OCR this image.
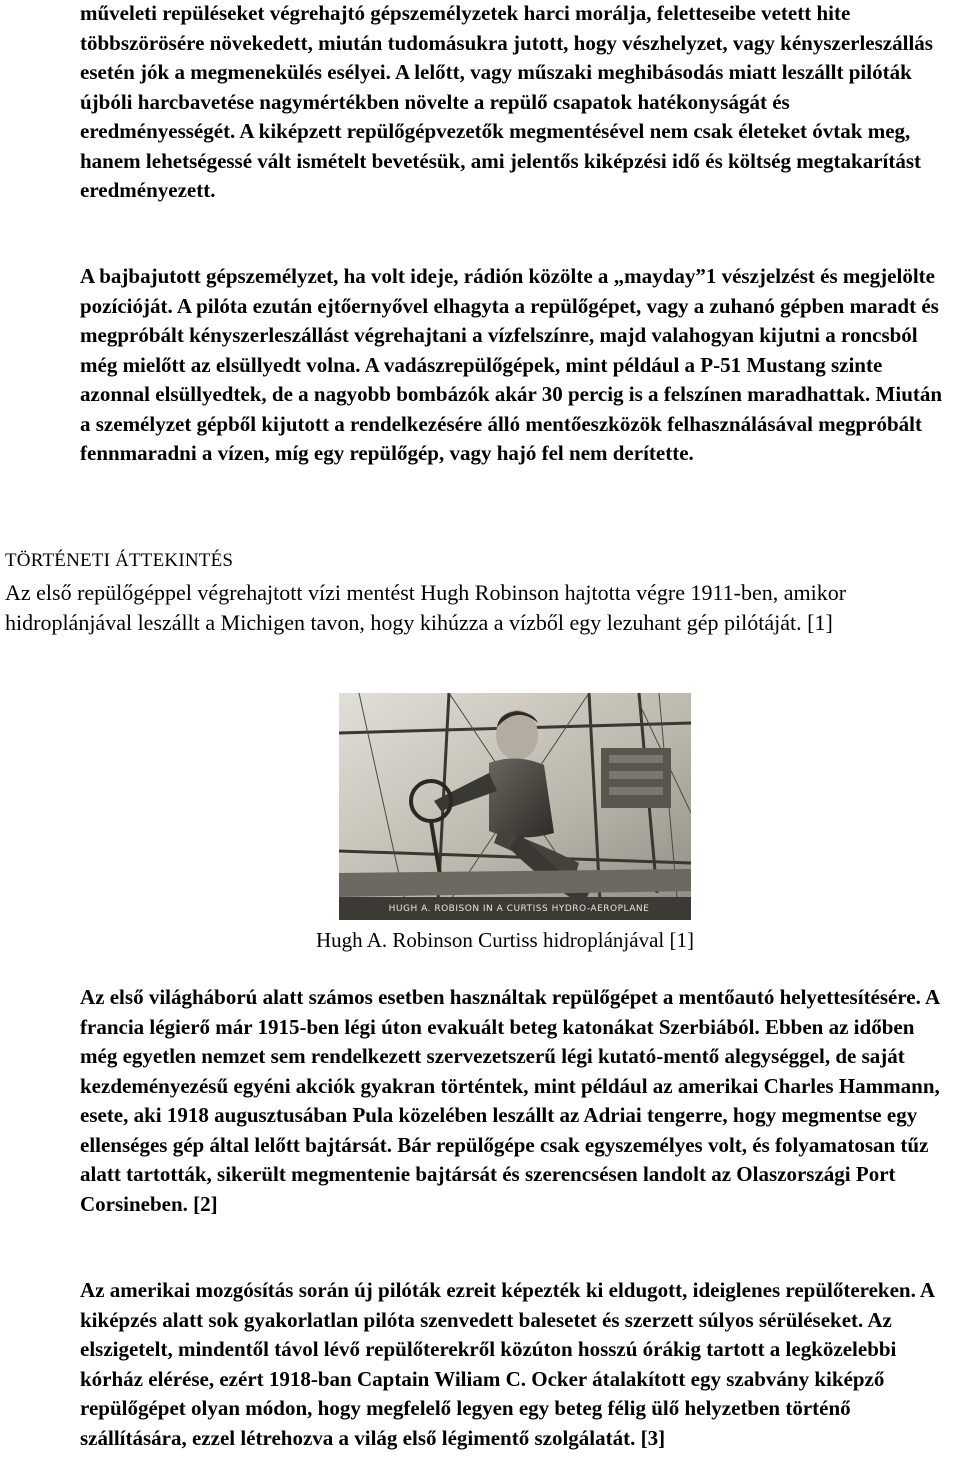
műveleti repüléseket végrehajtó gépszemélyzetek harci morálja, feletteseibe vetett hite többszörösére növekedett, miután tudomásukra jutott, hogy vészhelyzet, vagy kényszerleszállás esetén jók a megmenekülés esélyei. A lelőtt, vagy műszaki meghibásodás miatt leszállt pilóták újbóli harcbavetése nagymértékben növelte a repülő csapatok hatékonyságát és eredményességét. A kiképzett repülőgépvezetők megmentésével nem csak életeket óvtak meg, hanem lehetségessé vált ismételt bevetésük, ami jelentős kiképzési idő és költség megtakarítást eredményezett.

A bajbajutott gépszemélyzet, ha volt ideje, rádión közölte a „mayday”1 vészjelzést és megjelölte pozícióját. A pilóta ezután ejtőernyővel elhagyta a repülőgépet, vagy a zuhanó gépben maradt és megpróbált kényszerleszállást végrehajtani a vízfelszínre, majd valahogyan kijutni a roncsból még mielőtt az elsüllyedt volna. A vadászrepülőgépek, mint például a P-51 Mustang szinte azonnal elsüllyedtek, de a nagyobb bombázók akár 30 percig is a felszínen maradhattak. Miután a személyzet gépből kijutott a rendelkezésére álló mentőeszközök felhasználásával megpróbált fennmaradni a vízen, míg egy repülőgép, vagy hajó fel nem derítette.

TÖRTÉNETI ÁTTEKINTÉS

Az első repülőgéppel végrehajtott vízi mentést Hugh Robinson hajtotta végre 1911-ben, amikor hidroplánjával leszállt a Michigen tavon, hogy kihúzza a vízből egy lezuhant gép pilótáját. [1]

HUGH A. ROBISON IN A CURTISS HYDRO-AEROPLANE
Hugh A. Robinson Curtiss hidroplánjával [1]

Az első világháború alatt számos esetben használtak repülőgépet a mentőautó helyettesítésére. A francia légierő már 1915-ben légi úton evakuált beteg katonákat Szerbiából. Ebben az időben még egyetlen nemzet sem rendelkezett szervezetszerű légi kutató-mentő alegységgel, de saját kezdeményezésű egyéni akciók gyakran történtek, mint például az amerikai Charles Hammann, esete, aki 1918 augusztusában Pula közelében leszállt az Adriai tengerre, hogy megmentse egy ellenséges gép által lelőtt bajtársát. Bár repülőgépe csak egyszemélyes volt, és folyamatosan tűz alatt tartották, sikerült megmentenie bajtársát és szerencsésen landolt az Olaszországi Port Corsineben. [2]

Az amerikai mozgósítás során új pilóták ezreit képezték ki eldugott, ideiglenes repülőtereken. A kiképzés alatt sok gyakorlatlan pilóta szenvedett balesetet és szerzett súlyos sérüléseket. Az elszigetelt, mindentől távol lévő repülőterekről közúton hosszú órákig tartott a legközelebbi kórház elérése, ezért 1918-ban Captain Wiliam C. Ocker átalakított egy szabvány kiképző repülőgépet olyan módon, hogy megfelelő legyen egy beteg félig ülő helyzetben történő szállítására, ezzel létrehozva a világ első légimentő szolgálatát. [3]
